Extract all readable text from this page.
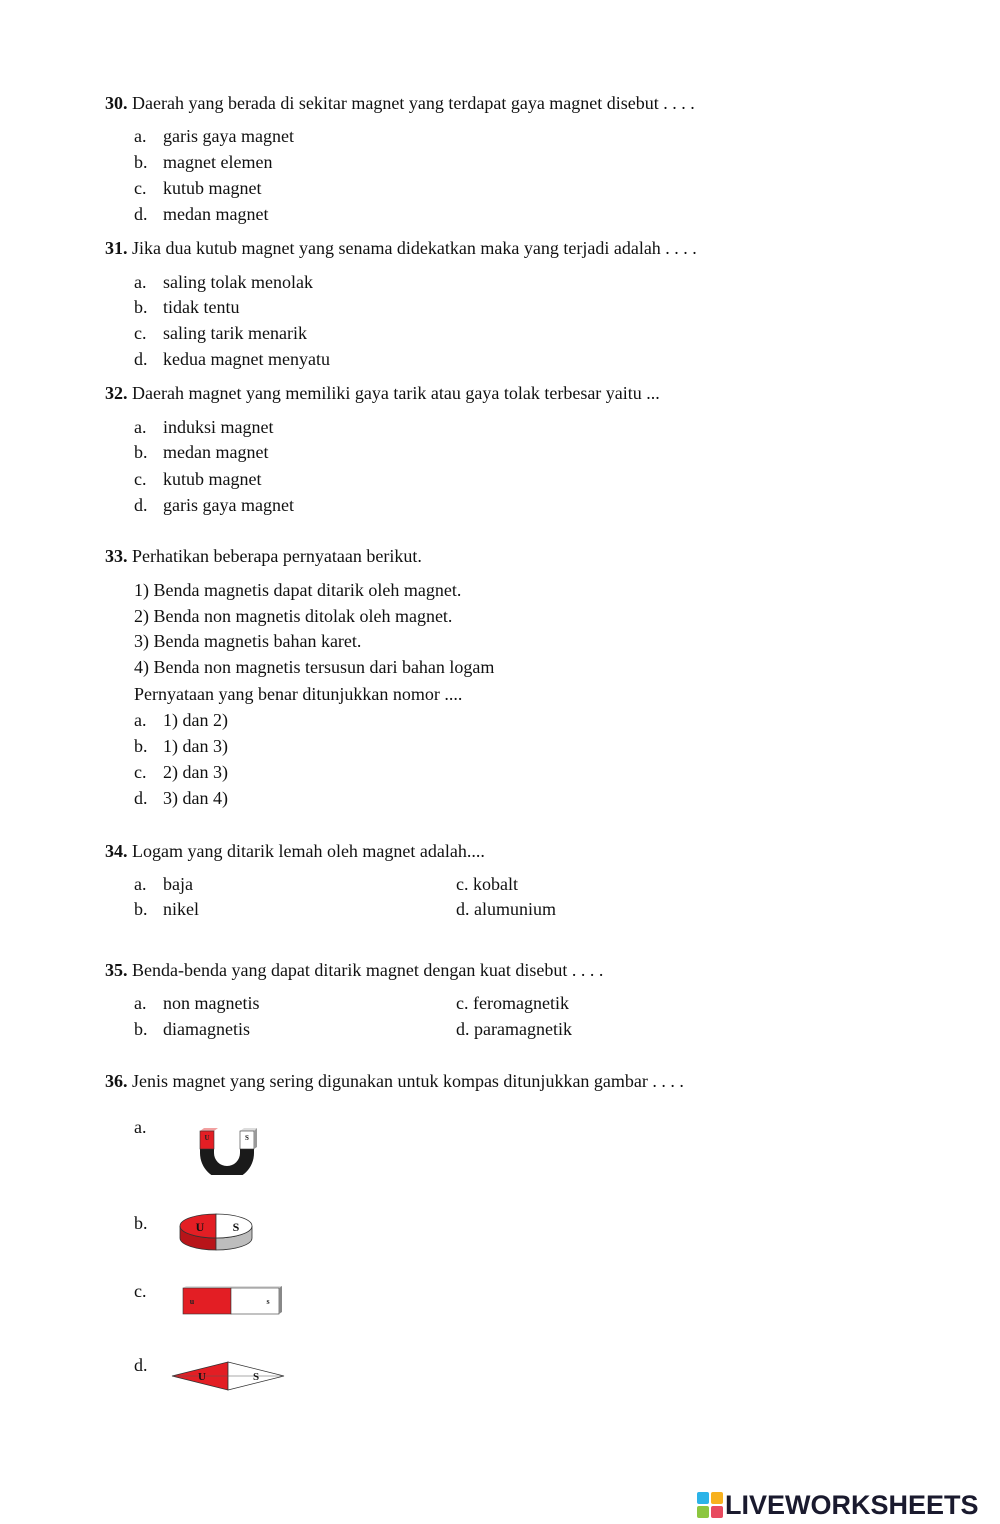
30. Daerah yang berada di sekitar magnet yang terdapat gaya magnet disebut . . . .
a. garis gaya magnet
b. magnet elemen
c. kutub magnet
d. medan magnet
31. Jika dua kutub magnet yang senama didekatkan maka yang terjadi adalah . . . .
a. saling tolak menolak
b. tidak tentu
c. saling tarik menarik
d. kedua magnet menyatu
32. Daerah magnet yang memiliki gaya tarik atau gaya tolak terbesar yaitu ...
a. induksi magnet
b. medan magnet
c. kutub magnet
d. garis gaya magnet
33. Perhatikan beberapa pernyataan berikut.
1) Benda magnetis dapat ditarik oleh magnet.
2) Benda non magnetis ditolak oleh magnet.
3) Benda magnetis bahan karet.
4) Benda non magnetis tersusun dari bahan logam
Pernyataan yang benar ditunjukkan nomor ....
a. 1) dan 2)
b. 1) dan 3)
c. 2) dan 3)
d. 3) dan 4)
34. Logam yang ditarik lemah oleh magnet adalah....
a. baja
b. nikel
c. kobalt
d. alumunium
35. Benda-benda yang dapat ditarik magnet dengan kuat disebut . . . .
a. non magnetis
b. diamagnetis
c. feromagnetik
d. paramagnetik
36. Jenis magnet yang sering digunakan untuk kompas ditunjukkan gambar . . . .
a.
U	S
b.	U S
c.
u	s
d.
U	S
LIVEWORKSHEETS
